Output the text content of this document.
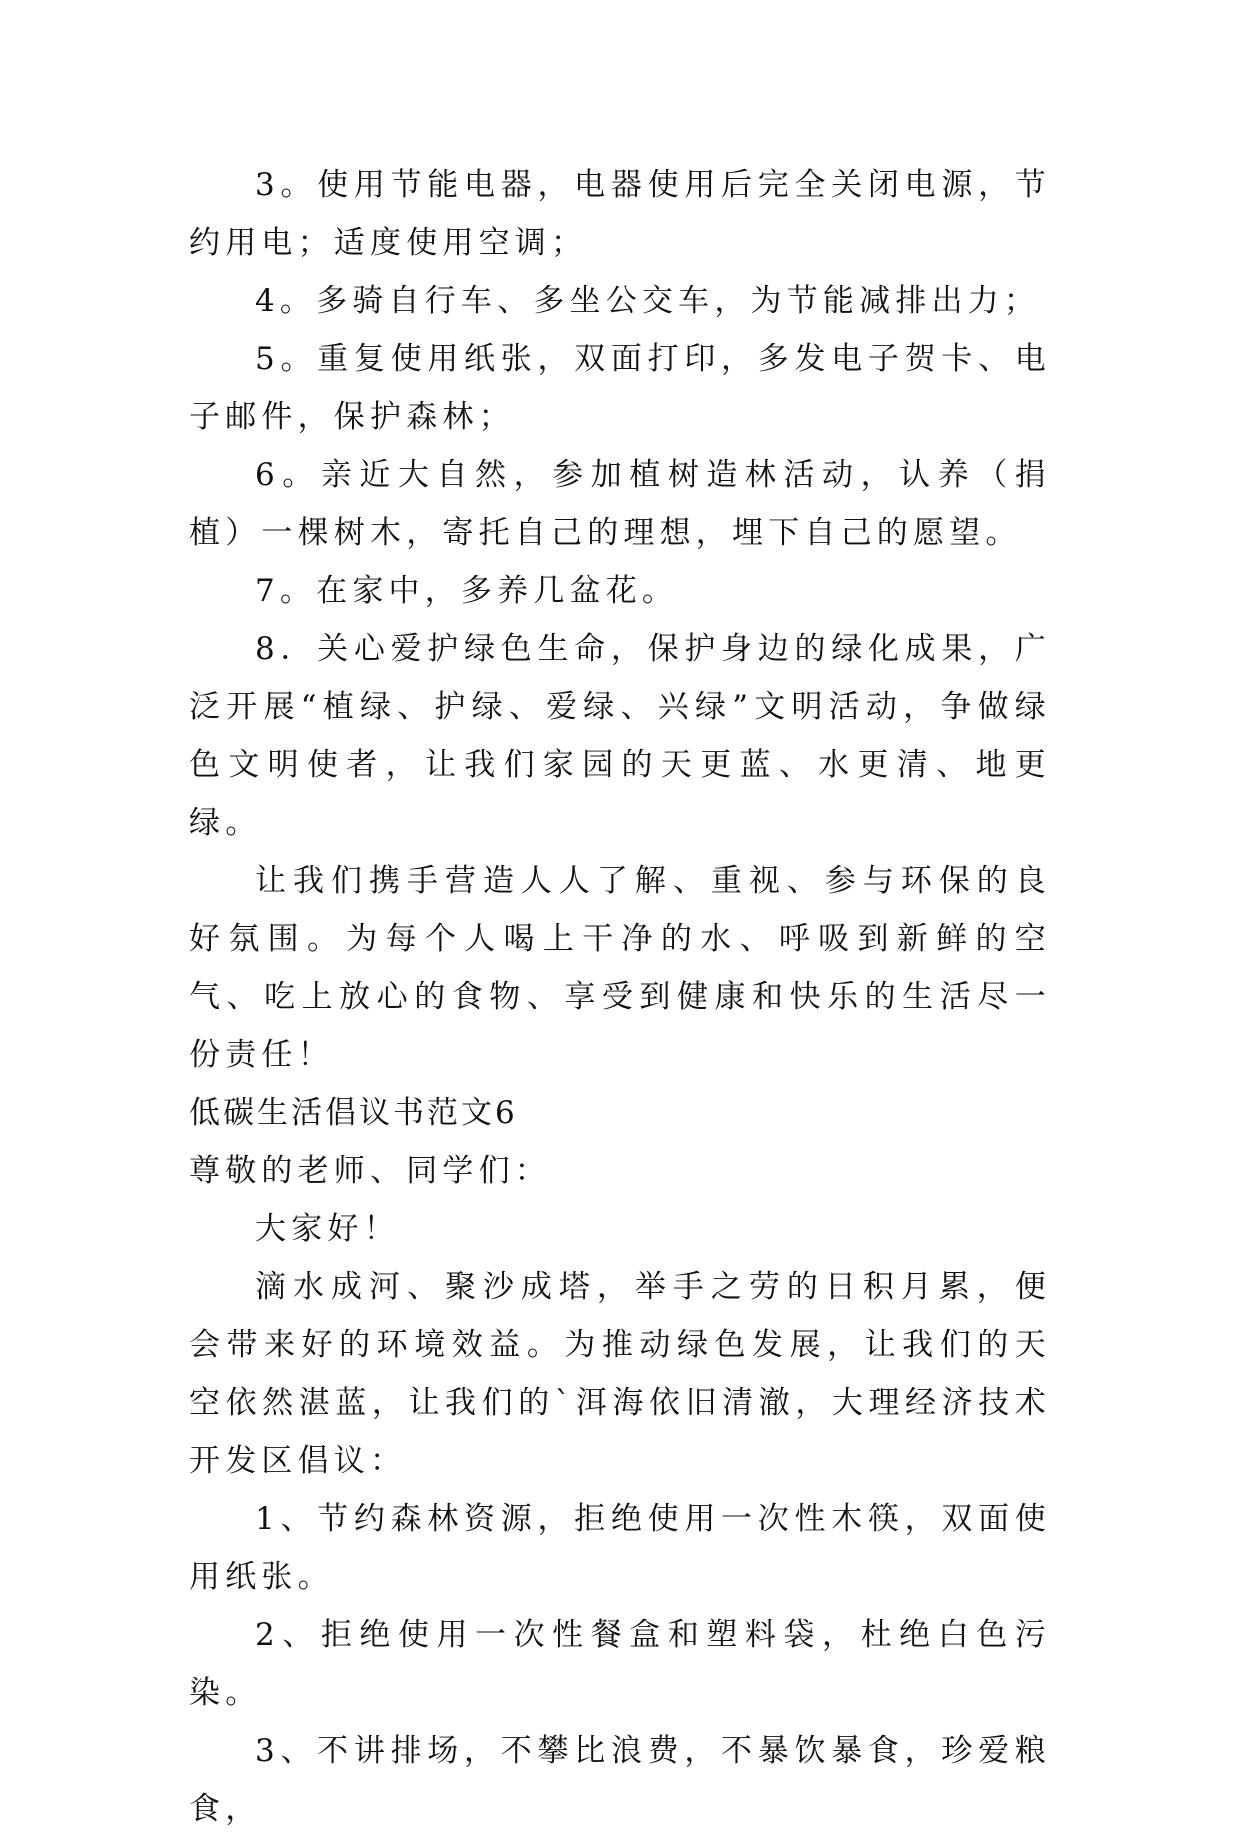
3。使用节能电器，电器使用后完全关闭电源，节约用电；适度使用空调；

4。多骑自行车、多坐公交车，为节能减排出力；

5。重复使用纸张，双面打印，多发电子贺卡、电子邮件，保护森林；

6。亲近大自然，参加植树造林活动，认养（捐植）一棵树木，寄托自己的理想，埋下自己的愿望。

7。在家中，多养几盆花。

8．关心爱护绿色生命，保护身边的绿化成果，广泛开展“植绿、护绿、爱绿、兴绿”文明活动，争做绿色文明使者，让我们家园的天更蓝、水更清、地更绿。

让我们携手营造人人了解、重视、参与环保的良好氛围。为每个人喝上干净的水、呼吸到新鲜的空气、吃上放心的食物、享受到健康和快乐的生活尽一份责任！

低碳生活倡议书范文6

尊敬的老师、同学们：

大家好！

滴水成河、聚沙成塔，举手之劳的日积月累，便会带来好的环境效益。为推动绿色发展，让我们的天空依然湛蓝，让我们的`洱海依旧清澈，大理经济技术开发区倡议：

1、节约森林资源，拒绝使用一次性木筷，双面使用纸张。

2、拒绝使用一次性餐盒和塑料袋，杜绝白色污染。

3、不讲排场，不攀比浪费，不暴饮暴食，珍爱粮食，
